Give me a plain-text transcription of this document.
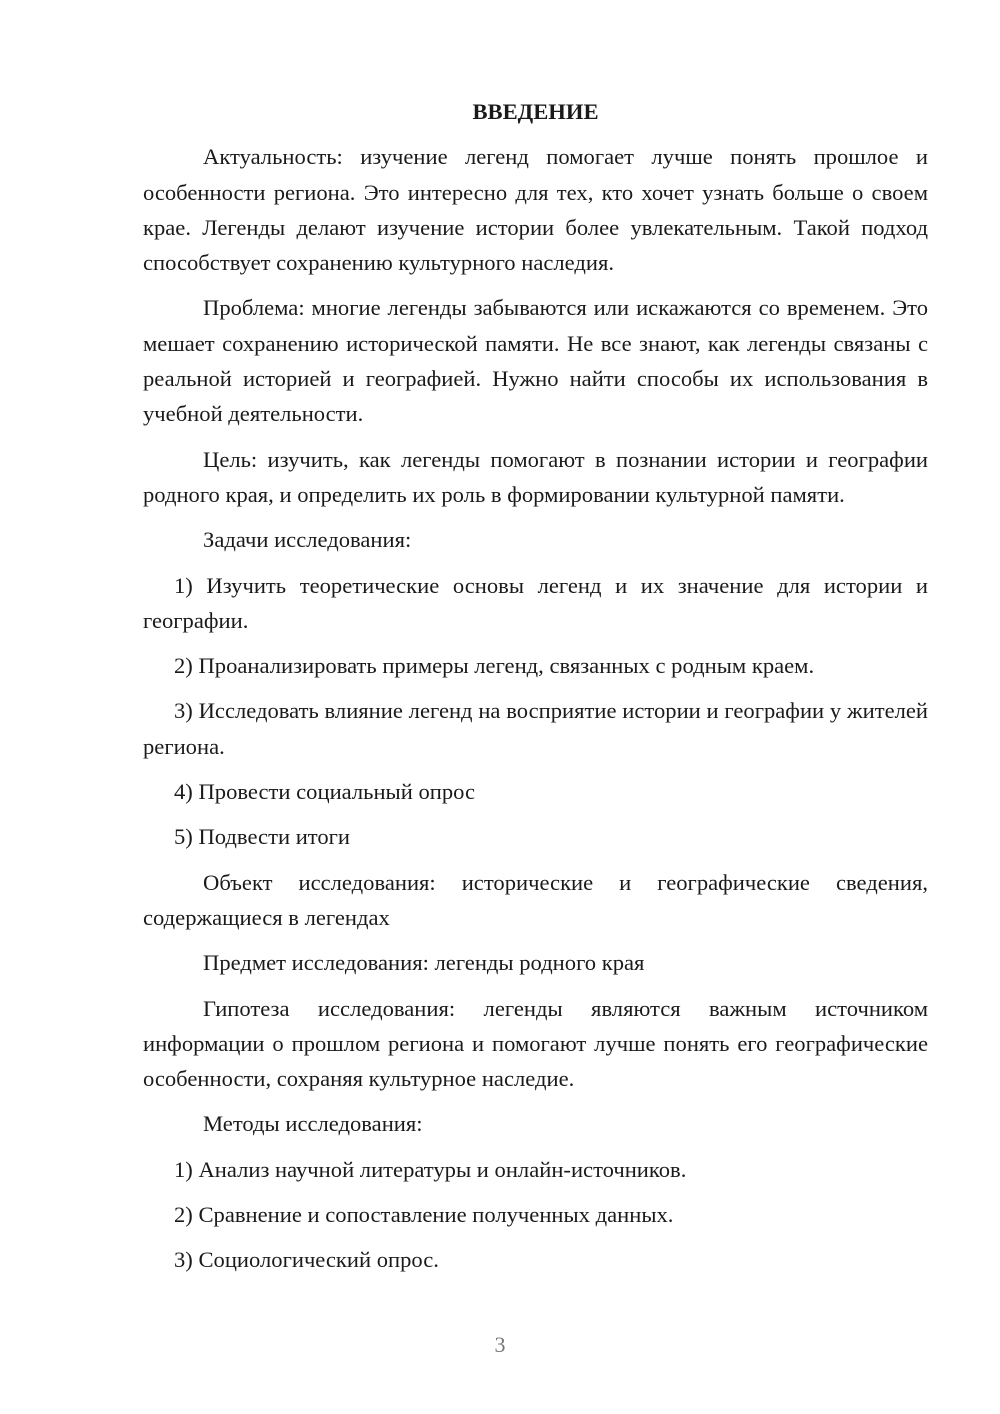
ВВЕДЕНИЕ
Актуальность: изучение легенд помогает лучше понять прошлое и особенности региона. Это интересно для тех, кто хочет узнать больше о своем крае. Легенды делают изучение истории более увлекательным. Такой подход способствует сохранению культурного наследия.
Проблема: многие легенды забываются или искажаются со временем. Это мешает сохранению исторической памяти. Не все знают, как легенды связаны с реальной историей и географией. Нужно найти способы их использования в учебной деятельности.
Цель: изучить, как легенды помогают в познании истории и географии родного края, и определить их роль в формировании культурной памяти.
Задачи исследования:
1) Изучить теоретические основы легенд и их значение для истории и географии.
2) Проанализировать примеры легенд, связанных с родным краем.
3) Исследовать влияние легенд на восприятие истории и географии у жителей региона.
4) Провести социальный опрос
5) Подвести итоги
Объект исследования: исторические и географические сведения, содержащиеся в легендах
Предмет исследования: легенды родного края
Гипотеза исследования: легенды являются важным источником информации о прошлом региона и помогают лучше понять его географические особенности, сохраняя культурное наследие.
Методы исследования:
1) Анализ научной литературы и онлайн-источников.
2) Сравнение и сопоставление полученных данных.
3) Социологический опрос.
3
